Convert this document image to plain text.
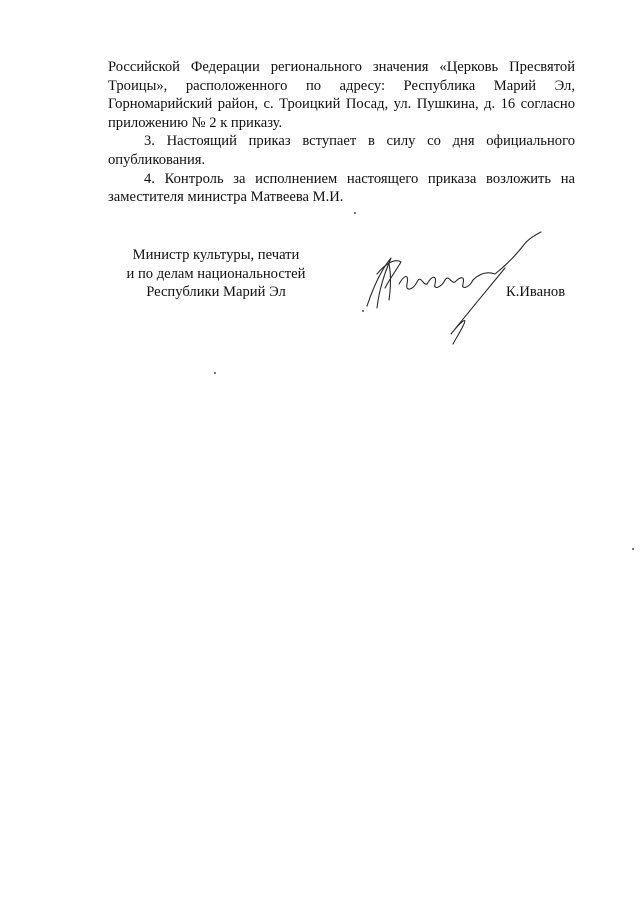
Российской Федерации регионального значения «Церковь Пресвятой Троицы», расположенного по адресу: Республика Марий Эл, Горномарийский район, с. Троицкий Посад, ул. Пушкина, д. 16 согласно приложению № 2 к приказу.

3. Настоящий приказ вступает в силу со дня официального опубликования.

4. Контроль за исполнением настоящего приказа возложить на заместителя министра Матвеева М.И.

Министр культуры, печати
и по делам национальностей
Республики Марий Эл	К.Иванов
